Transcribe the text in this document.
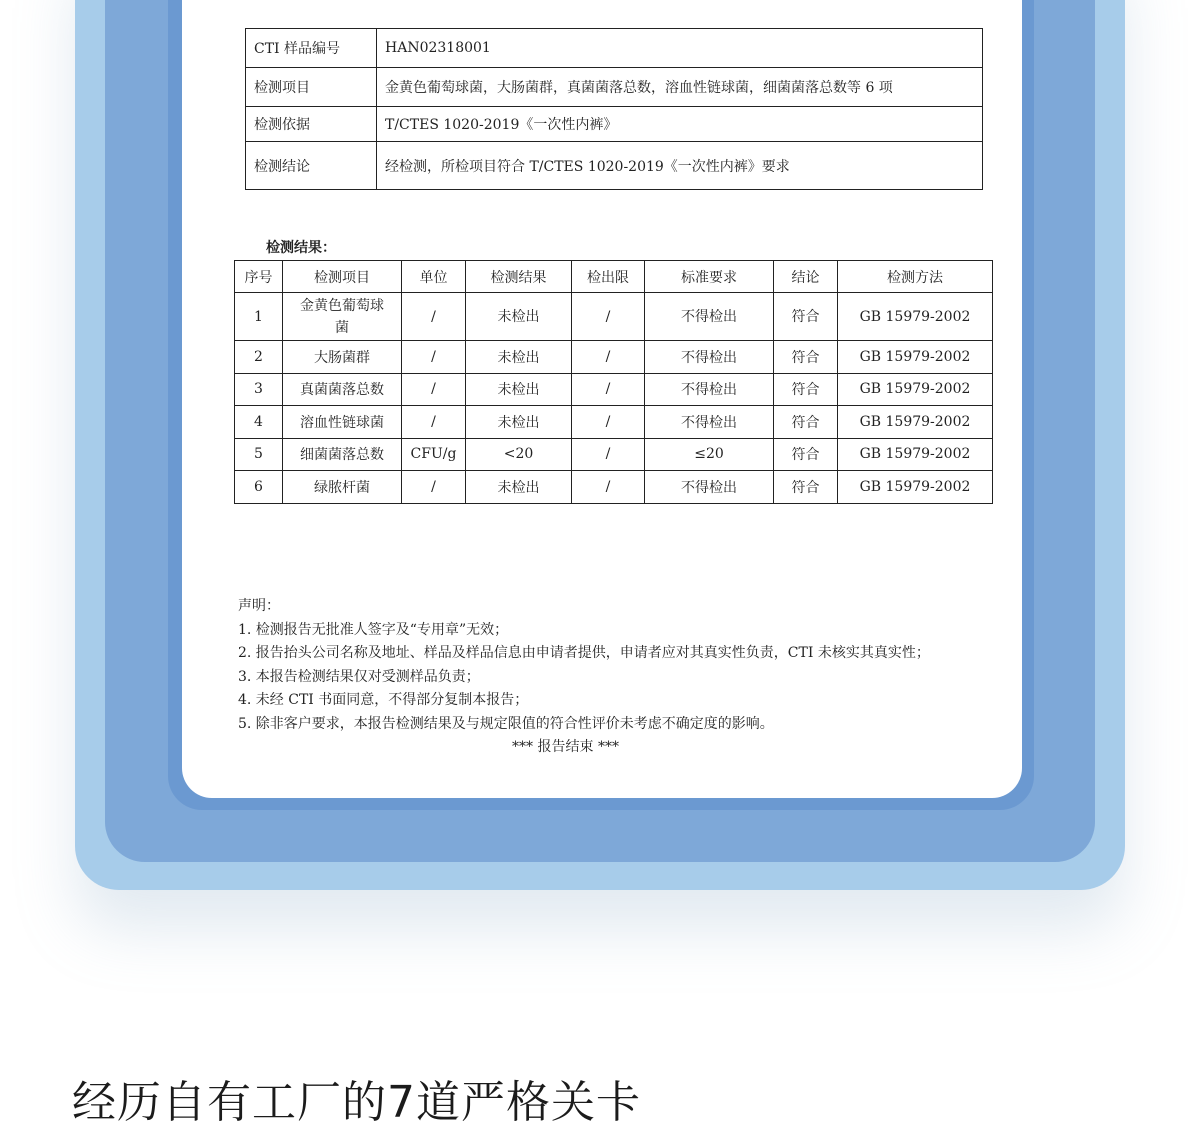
CTI 样品编号	HAN02318001
检测项目	金黄色葡萄球菌，大肠菌群，真菌菌落总数，溶血性链球菌，细菌菌落总数等 6 项
检测依据	T/CTES 1020-2019《一次性内裤》
检测结论	经检测，所检项目符合 T/CTES 1020-2019《一次性内裤》要求
检测结果：
序号	检测项目	单位	检测结果	检出限	标准要求	结论	检测方法
1	金黄色葡萄球菌	/	未检出	/	不得检出	符合	GB 15979-2002
2	大肠菌群	/	未检出	/	不得检出	符合	GB 15979-2002
3	真菌菌落总数	/	未检出	/	不得检出	符合	GB 15979-2002
4	溶血性链球菌	/	未检出	/	不得检出	符合	GB 15979-2002
5	细菌菌落总数	CFU/g	<20	/	≤20	符合	GB 15979-2002
6	绿脓杆菌	/	未检出	/	不得检出	符合	GB 15979-2002
声明：
1. 检测报告无批准人签字及“专用章”无效；
2. 报告抬头公司名称及地址、样品及样品信息由申请者提供，申请者应对其真实性负责，CTI 未核实其真实性；
3. 本报告检测结果仅对受测样品负责；
4. 未经 CTI 书面同意，不得部分复制本报告；
5. 除非客户要求，本报告检测结果及与规定限值的符合性评价未考虑不确定度的影响。
*** 报告结束 ***
经历自有工厂的7道严格关卡
